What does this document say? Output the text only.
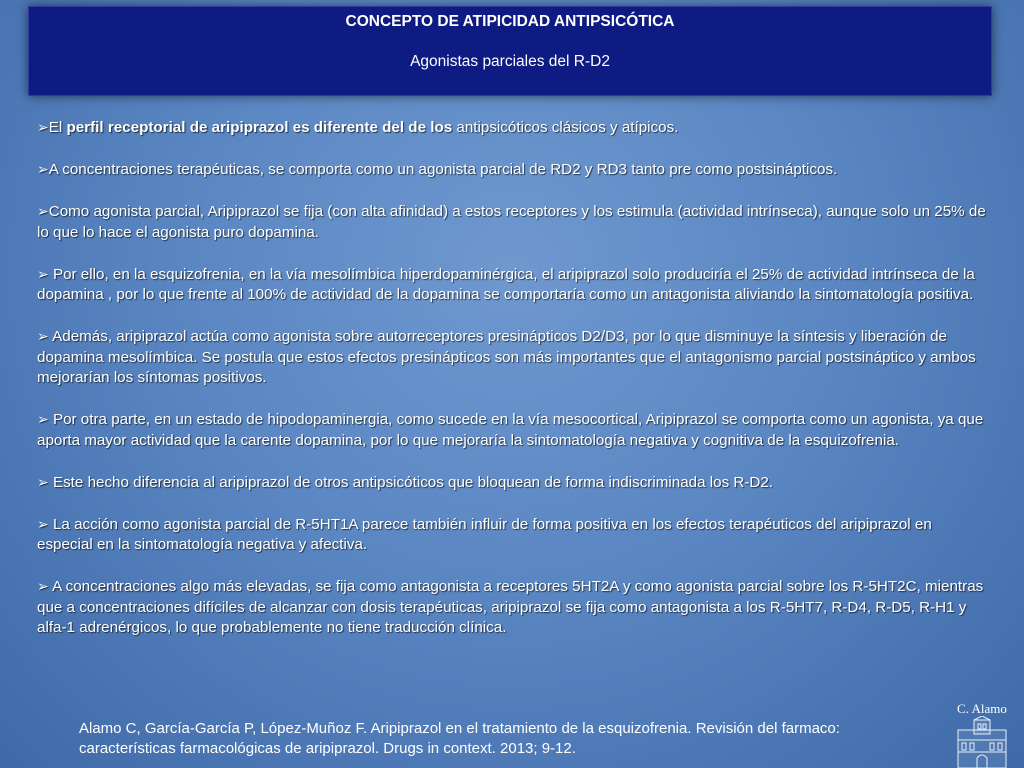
CONCEPTO DE ATIPICIDAD ANTIPSICÓTICA
Agonistas parciales del R-D2

➢El perfil receptorial de aripiprazol es diferente del de los antipsicóticos clásicos y atípicos.

➢A concentraciones terapéuticas, se comporta como un agonista parcial de RD2 y RD3 tanto pre como postsinápticos.

➢Como agonista parcial, Aripiprazol se fija (con alta afinidad) a estos receptores y los estimula (actividad intrínseca), aunque solo un 25% de lo que lo hace el agonista puro dopamina.

➢ Por ello, en la esquizofrenia, en la vía mesolímbica hiperdopaminérgica, el aripiprazol solo produciría el 25% de actividad intrínseca de la dopamina , por lo que frente al 100% de actividad de la dopamina se comportaría como un antagonista aliviando la sintomatología positiva.

➢ Además, aripiprazol actúa como agonista sobre autorreceptores presinápticos D2/D3, por lo que disminuye la síntesis y liberación de dopamina mesolímbica. Se postula que estos efectos presinápticos son más importantes que el antagonismo parcial postsináptico y ambos mejorarían los síntomas positivos.

➢ Por otra parte, en un estado de hipodopaminergia, como sucede en la vía mesocortical, Aripiprazol se comporta como un agonista, ya que aporta mayor actividad que la carente dopamina, por lo que mejoraría la sintomatología negativa y cognitiva de la esquizofrenia.

➢ Este hecho diferencia al aripiprazol de otros antipsicóticos que bloquean de forma indiscriminada los R-D2.

➢ La acción como agonista parcial de R-5HT1A parece también influir de forma positiva en los efectos terapéuticos del aripiprazol en especial en la sintomatología negativa y afectiva.

➢ A concentraciones algo más elevadas, se fija como antagonista a receptores 5HT2A y como agonista parcial sobre los R-5HT2C, mientras que a concentraciones difíciles de alcanzar con dosis terapéuticas, aripiprazol se fija como antagonista a los R-5HT7, R-D4, R-D5, R-H1 y alfa-1 adrenérgicos, lo que probablemente no tiene traducción clínica.

Alamo C, García-García P, López-Muñoz F. Aripiprazol en el tratamiento de la esquizofrenia. Revisión del farmaco:
características farmacológicas de aripiprazol. Drugs in context. 2013; 9-12.
C. Alamo
